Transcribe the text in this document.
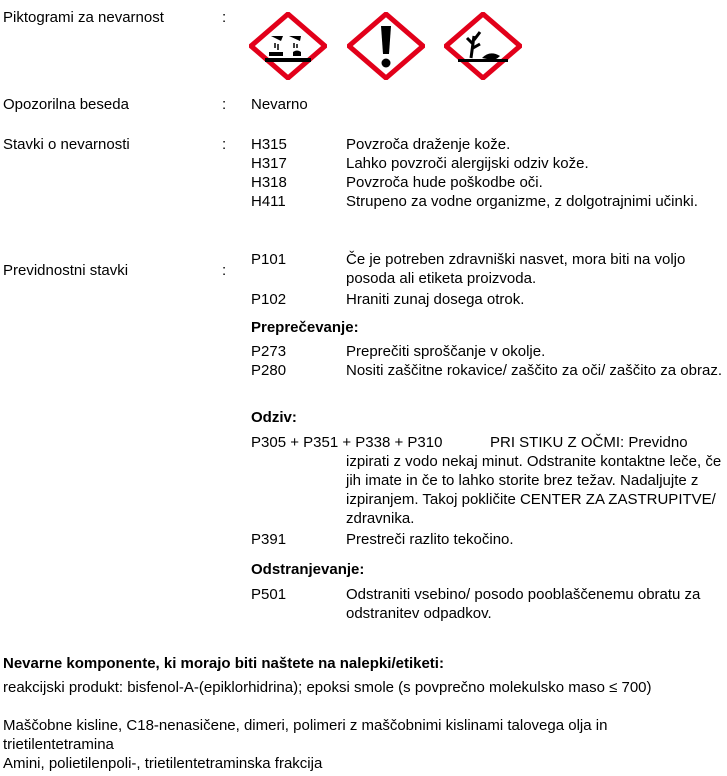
Piktogrami za nevarnost	:
Opozorilna beseda	: Nevarno
Stavki o nevarnosti	: H315	Povzroča draženje kože.
H317	Lahko povzroči alergijski odziv kože.
H318	Povzroča hude poškodbe oči.
H411	Strupeno za vodne organizme, z dolgotrajnimi učinki.
Previdnostni stavki	:
P101	Če je potreben zdravniški nasvet, mora biti na voljo posoda ali etiketa proizvoda.
P102	Hraniti zunaj dosega otrok.
Preprečevanje:
P273	Preprečiti sproščanje v okolje.
P280	Nositi zaščitne rokavice/ zaščito za oči/ zaščito za obraz.
Odziv:
P305 + P351 + P338 + P310	PRI STIKU Z OČMI: Previdno
izpirati z vodo nekaj minut. Odstranite kontaktne leče, če jih imate in če to lahko storite brez težav. Nadaljujte z izpiranjem. Takoj pokličite CENTER ZA ZASTRUPITVE/ zdravnika.
P391	Prestreči razlito tekočino.
Odstranjevanje:
P501	Odstraniti vsebino/ posodo pooblaščenemu obratu za odstranitev odpadkov.
Nevarne komponente, ki morajo biti naštete na nalepki/etiketi:
reakcijski produkt: bisfenol-A-(epiklorhidrina); epoksi smole (s povprečno molekulsko maso ≤ 700)
Maščobne kisline, C18-nenasičene, dimeri, polimeri z maščobnimi kislinami talovega olja in trietilentetramina
Amini, polietilenpoli-, trietilentetraminska frakcija
